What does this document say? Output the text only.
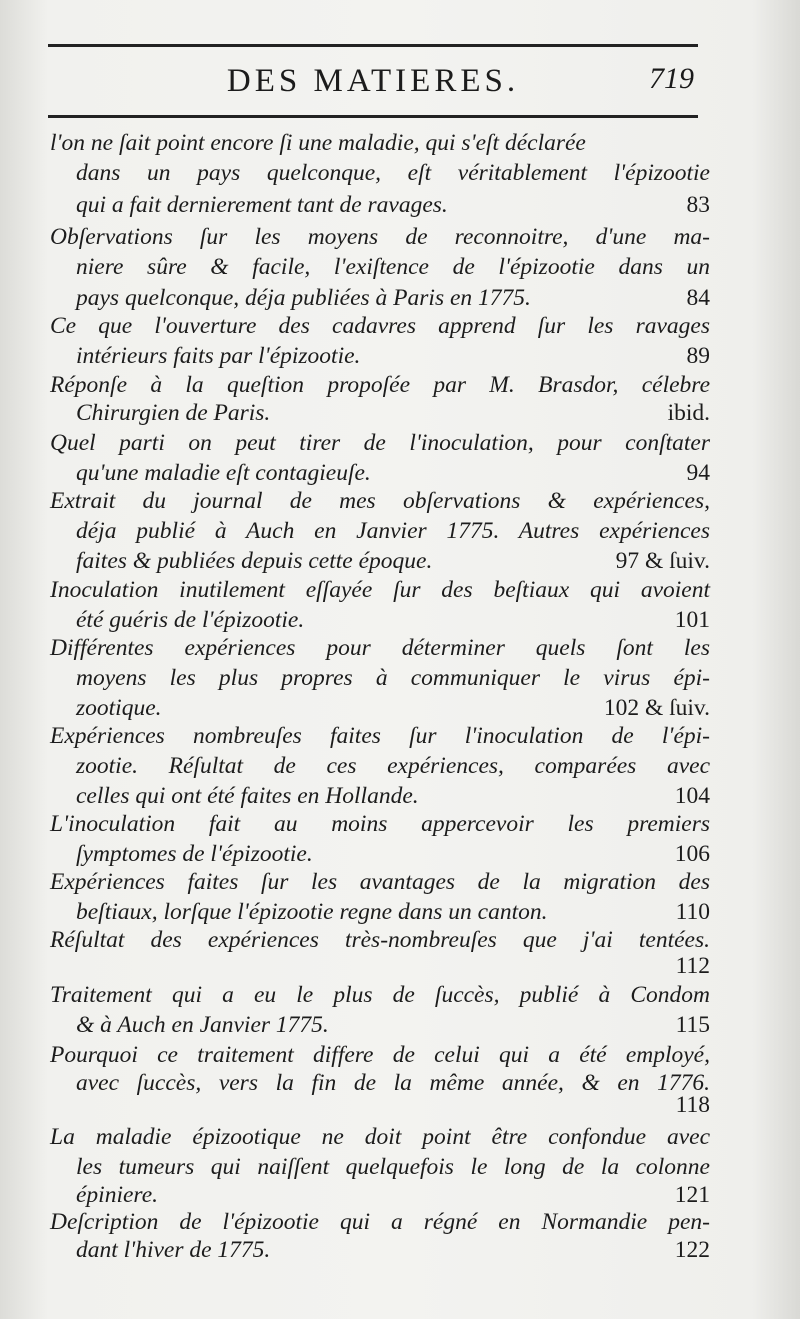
DES MATIERES.	719
l'on ne ſait point encore ſi une maladie, qui s'eſt déclarée
dans un pays quelconque, eſt véritablement l'épizootie
qui a fait dernierement tant de ravages.	83
Obſervations ſur les moyens de reconnoitre, d'une ma-
niere sûre & facile, l'exiſtence de l'épizootie dans un
pays quelconque, déja publiées à Paris en 1775.	84
Ce que l'ouverture des cadavres apprend ſur les ravages
intérieurs faits par l'épizootie.	89
Réponſe à la queſtion propoſée par M. Brasdor, célebre
Chirurgien de Paris.	ibid.
Quel parti on peut tirer de l'inoculation, pour conſtater
qu'une maladie eſt contagieuſe.	94
Extrait du journal de mes obſervations & expériences,
déja publié à Auch en Janvier 1775. Autres expériences
faites & publiées depuis cette époque.	97 & ſuiv.
Inoculation inutilement eſſayée ſur des beſtiaux qui avoient
été guéris de l'épizootie.	101
Différentes expériences pour déterminer quels ſont les
moyens les plus propres à communiquer le virus épi-
zootique.	102 & ſuiv.
Expériences nombreuſes faites ſur l'inoculation de l'épi-
zootie. Réſultat de ces expériences, comparées avec
celles qui ont été faites en Hollande.	104
L'inoculation fait au moins appercevoir les premiers
ſymptomes de l'épizootie.	106
Expériences faites ſur les avantages de la migration des
beſtiaux, lorſque l'épizootie regne dans un canton.	110
Réſultat des expériences très-nombreuſes que j'ai tentées.
112
Traitement qui a eu le plus de ſuccès, publié à Condom
& à Auch en Janvier 1775.	115
Pourquoi ce traitement differe de celui qui a été employé,
avec ſuccès, vers la fin de la même année, & en 1776.
118
La maladie épizootique ne doit point être confondue avec
les tumeurs qui naiſſent quelquefois le long de la colonne
épiniere.	121
Deſcription de l'épizootie qui a régné en Normandie pen-
dant l'hiver de 1775.	122
